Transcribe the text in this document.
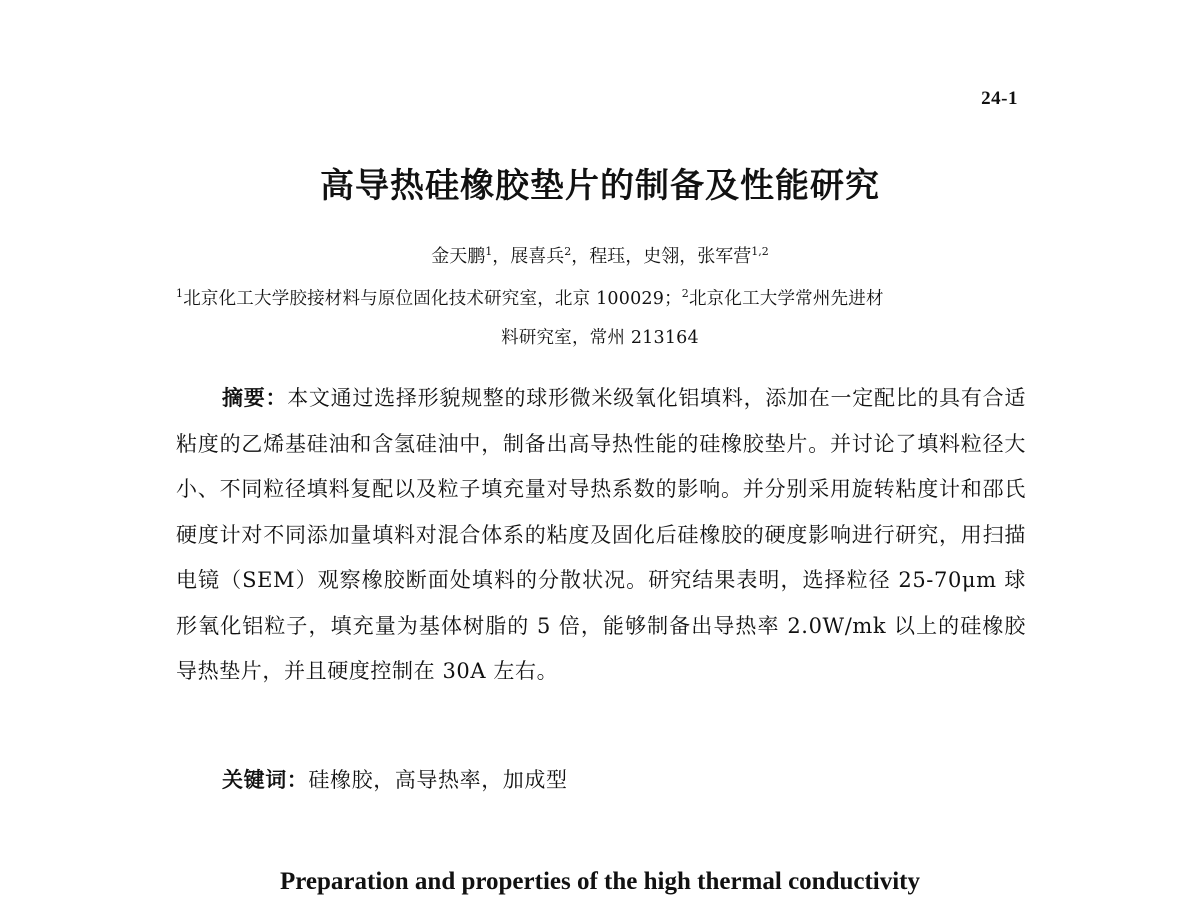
24-1
高导热硅橡胶垫片的制备及性能研究
金天鹏$^1$，展喜兵$^2$，程珏，史翎，张军营$^{1,2}$
$^1$北京化工大学胶接材料与原位固化技术研究室，北京 100029；$^2$北京化工大学常州先进材
料研究室，常州 213164
摘要：本文通过选择形貌规整的球形微米级氧化铝填料，添加在一定配比的具有合适粘度的乙烯基硅油和含氢硅油中，制备出高导热性能的硅橡胶垫片。并讨论了填料粒径大小、不同粒径填料复配以及粒子填充量对导热系数的影响。并分别采用旋转粘度计和邵氏硬度计对不同添加量填料对混合体系的粘度及固化后硅橡胶的硬度影响进行研究，用扫描电镜（SEM）观察橡胶断面处填料的分散状况。研究结果表明，选择粒径 25-70μm 球形氧化铝粒子，填充量为基体树脂的 5 倍，能够制备出导热率 2.0W/mk 以上的硅橡胶导热垫片，并且硬度控制在 30A 左右。
关键词：硅橡胶，高导热率，加成型
Preparation and properties of the high thermal conductivity
